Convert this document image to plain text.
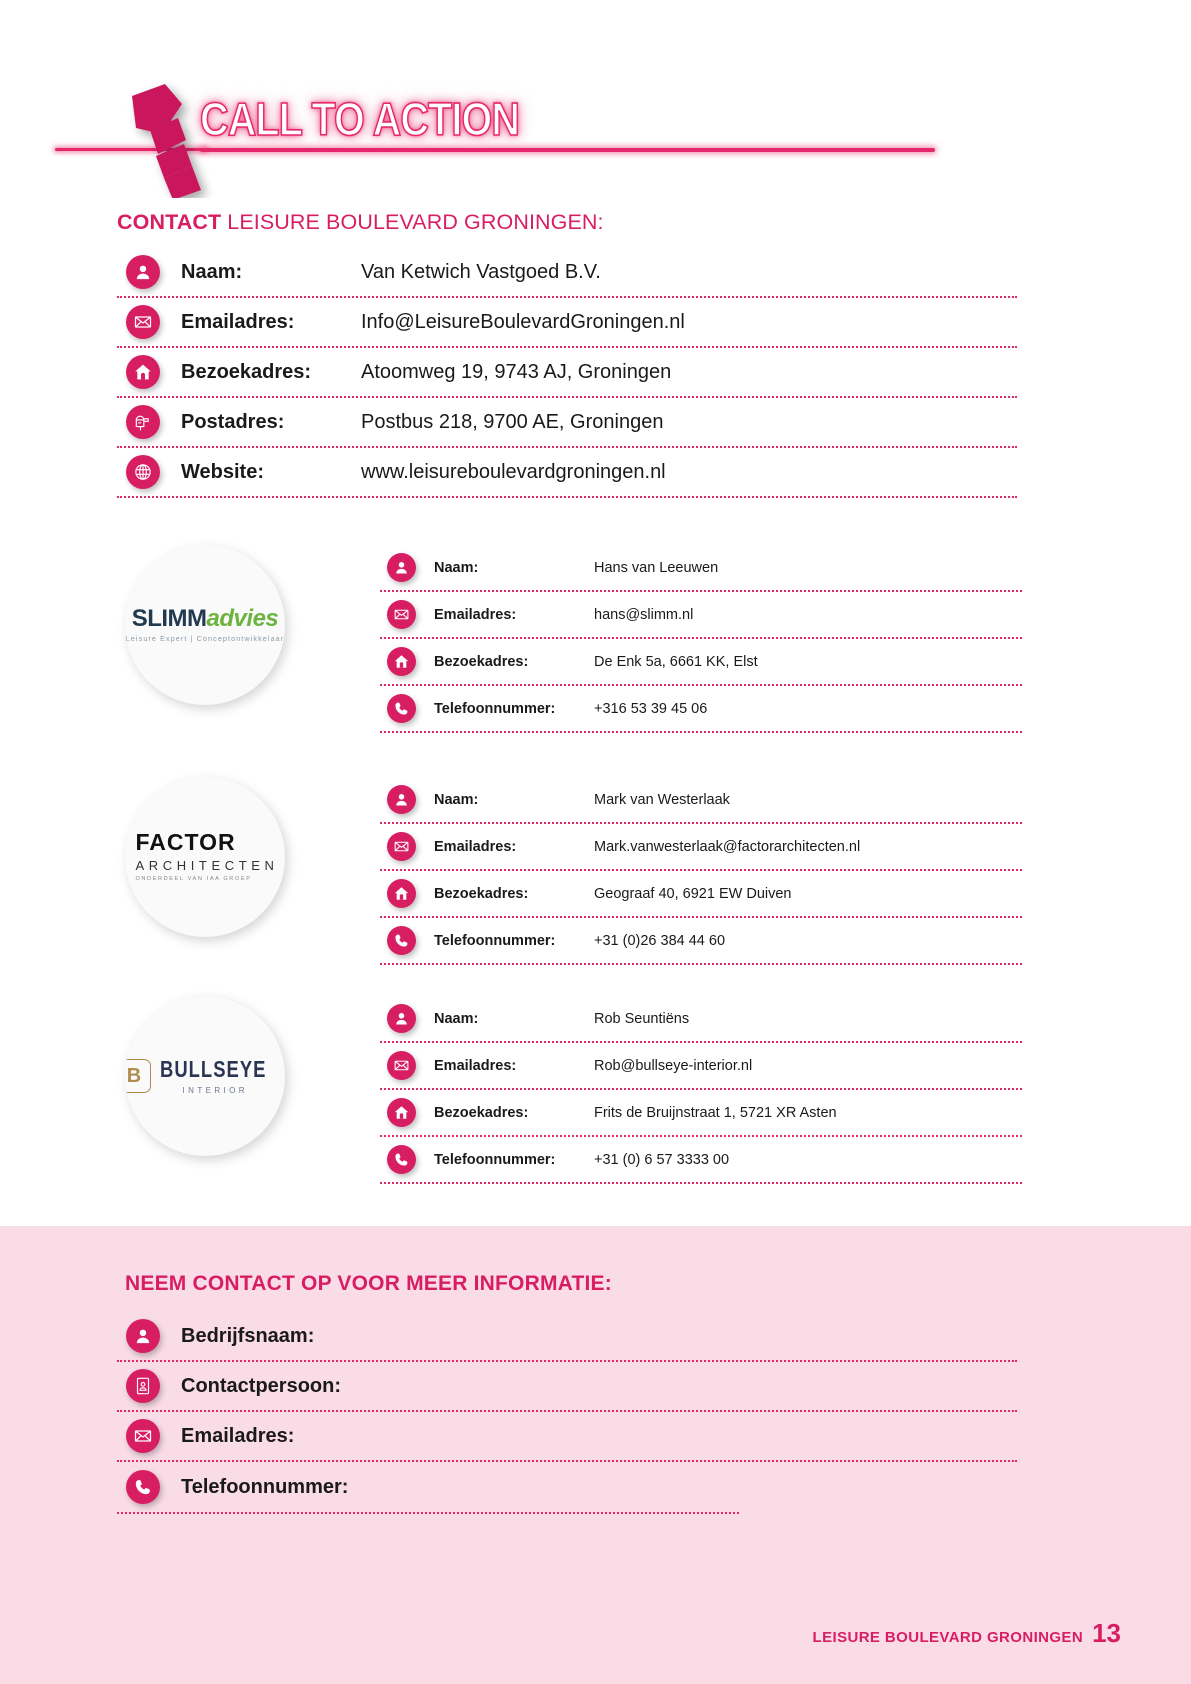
CALL TO ACTION
CONTACT LEISURE BOULEVARD GRONINGEN:
Naam:	Van Ketwich Vastgoed B.V.
Emailadres:	Info@LeisureBoulevardGroningen.nl
Bezoekadres:	Atoomweg 19, 9743 AJ, Groningen
Postadres:	Postbus 218, 9700 AE, Groningen
Website:	www.leisureboulevardgroningen.nl
SLIMMadvies
Leisure Expert | Conceptontwikkelaar
Naam:	Hans van Leeuwen
Emailadres:	hans@slimm.nl
Bezoekadres:	De Enk 5a, 6661 KK, Elst
Telefoonnummer:	+316 53 39 45 06
FACTOR
ARCHITECTEN
ONDERDEEL VAN IAA GROEP
Naam:	Mark van Westerlaak
Emailadres:	Mark.vanwesterlaak@factorarchitecten.nl
Bezoekadres:	Geograaf 40, 6921 EW Duiven
Telefoonnummer:	+31 (0)26 384 44 60
B
BULLSEYE
INTERIOR
Naam:	Rob Seuntiëns
Emailadres:	Rob@bullseye-interior.nl
Bezoekadres:	Frits de Bruijnstraat 1, 5721 XR Asten
Telefoonnummer:	+31 (0) 6 57 3333 00
NEEM CONTACT OP VOOR MEER INFORMATIE:
Bedrijfsnaam:
Contactpersoon:
Emailadres:
Telefoonnummer:
LEISURE BOULEVARD GRONINGEN 13
